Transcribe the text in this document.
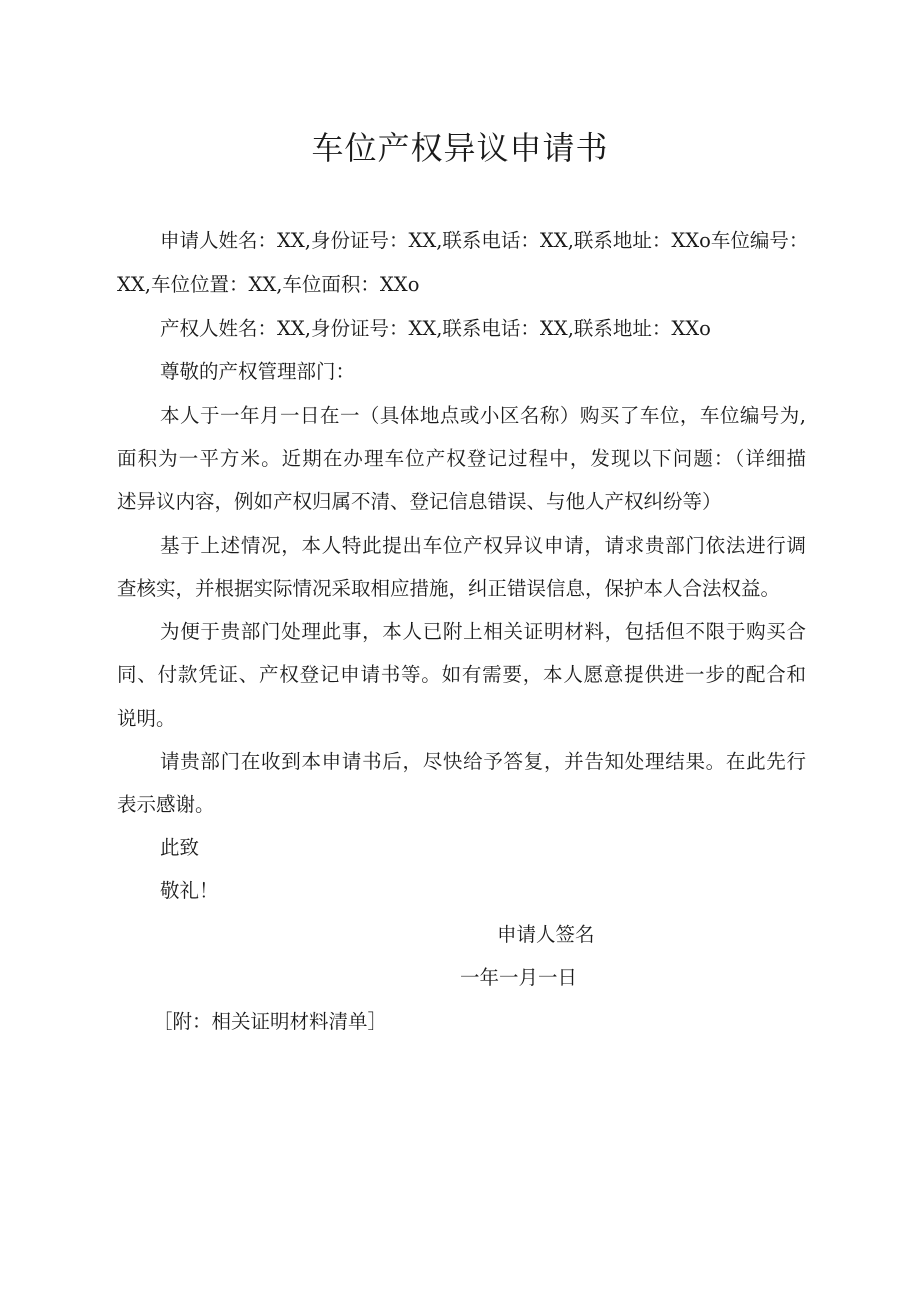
车位产权异议申请书

申请人姓名：XX,身份证号：XX,联系电话：XX,联系地址：XXo车位编号：

XX,车位位置：XX,车位面积：XXo

产权人姓名：XX,身份证号：XX,联系电话：XX,联系地址：XXo

尊敬的产权管理部门：

本人于一年月一日在一（具体地点或小区名称）购买了车位，车位编号为,

面积为一平方米。近期在办理车位产权登记过程中，发现以下问题：（详细描

述异议内容，例如产权归属不清、登记信息错误、与他人产权纠纷等）

基于上述情况，本人特此提出车位产权异议申请，请求贵部门依法进行调

查核实，并根据实际情况采取相应措施，纠正错误信息，保护本人合法权益。

为便于贵部门处理此事，本人已附上相关证明材料，包括但不限于购买合

同、付款凭证、产权登记申请书等。如有需要，本人愿意提供进一步的配合和

说明。

请贵部门在收到本申请书后，尽快给予答复，并告知处理结果。在此先行

表示感谢。

此致

敬礼！

申请人签名

一年一月一日

［附：相关证明材料清单］
